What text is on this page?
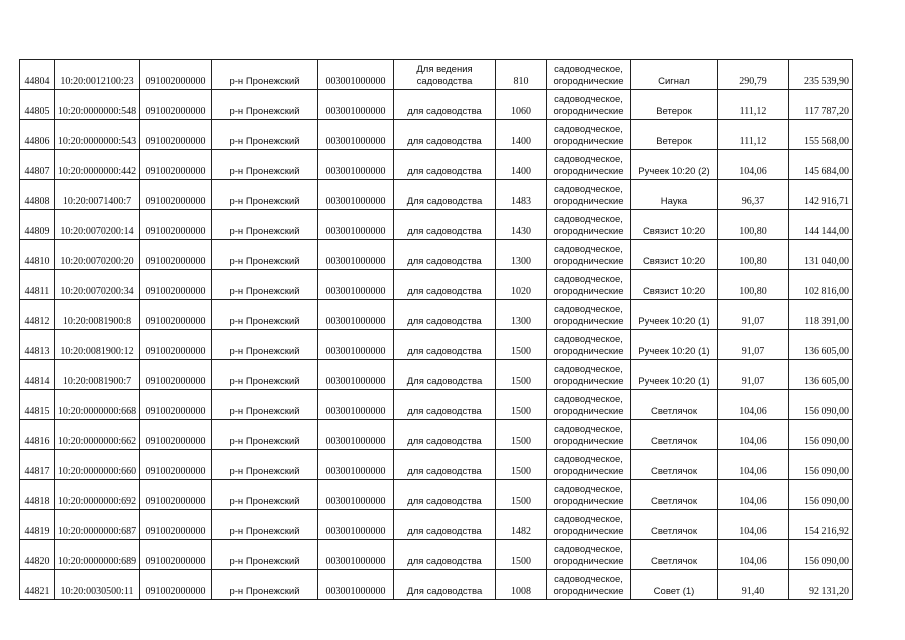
44804	10:20:0012100:23	091002000000	р-н Пронежский	003001000000	Для ведения садоводства	810	садоводческое, огороднические	Сигнал	290,79	235 539,90
44805	10:20:0000000:548	091002000000	р-н Пронежский	003001000000	для садоводства	1060	садоводческое, огороднические	Ветерок	111,12	117 787,20
44806	10:20:0000000:543	091002000000	р-н Пронежский	003001000000	для садоводства	1400	садоводческое, огороднические	Ветерок	111,12	155 568,00
44807	10:20:0000000:442	091002000000	р-н Пронежский	003001000000	для садоводства	1400	садоводческое, огороднические	Ручеек 10:20 (2)	104,06	145 684,00
44808	10:20:0071400:7	091002000000	р-н Пронежский	003001000000	Для садоводства	1483	садоводческое, огороднические	Наука	96,37	142 916,71
44809	10:20:0070200:14	091002000000	р-н Пронежский	003001000000	для садоводства	1430	садоводческое, огороднические	Связист 10:20	100,80	144 144,00
44810	10:20:0070200:20	091002000000	р-н Пронежский	003001000000	для садоводства	1300	садоводческое, огороднические	Связист 10:20	100,80	131 040,00
44811	10:20:0070200:34	091002000000	р-н Пронежский	003001000000	для садоводства	1020	садоводческое, огороднические	Связист 10:20	100,80	102 816,00
44812	10:20:0081900:8	091002000000	р-н Пронежский	003001000000	для садоводства	1300	садоводческое, огороднические	Ручеек 10:20 (1)	91,07	118 391,00
44813	10:20:0081900:12	091002000000	р-н Пронежский	003001000000	для садоводства	1500	садоводческое, огороднические	Ручеек 10:20 (1)	91,07	136 605,00
44814	10:20:0081900:7	091002000000	р-н Пронежский	003001000000	Для садоводства	1500	садоводческое, огороднические	Ручеек 10:20 (1)	91,07	136 605,00
44815	10:20:0000000:668	091002000000	р-н Пронежский	003001000000	для садоводства	1500	садоводческое, огороднические	Светлячок	104,06	156 090,00
44816	10:20:0000000:662	091002000000	р-н Пронежский	003001000000	для садоводства	1500	садоводческое, огороднические	Светлячок	104,06	156 090,00
44817	10:20:0000000:660	091002000000	р-н Пронежский	003001000000	для садоводства	1500	садоводческое, огороднические	Светлячок	104,06	156 090,00
44818	10:20:0000000:692	091002000000	р-н Пронежский	003001000000	для садоводства	1500	садоводческое, огороднические	Светлячок	104,06	156 090,00
44819	10:20:0000000:687	091002000000	р-н Пронежский	003001000000	для садоводства	1482	садоводческое, огороднические	Светлячок	104,06	154 216,92
44820	10:20:0000000:689	091002000000	р-н Пронежский	003001000000	для садоводства	1500	садоводческое, огороднические	Светлячок	104,06	156 090,00
44821	10:20:0030500:11	091002000000	р-н Пронежский	003001000000	Для садоводства	1008	садоводческое, огороднические	Совет (1)	91,40	92 131,20
